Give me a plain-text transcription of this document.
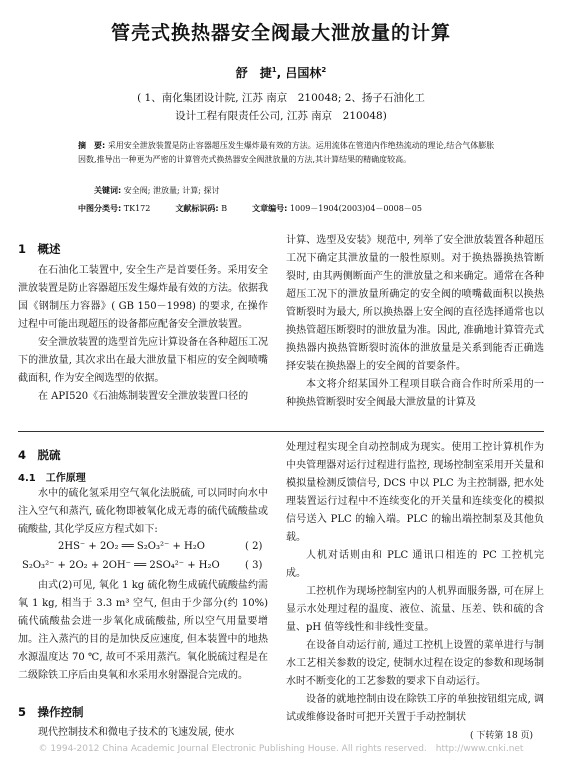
管壳式换热器安全阀最大泄放量的计算
舒　捷$^1$, 吕国林$^2$
( 1、南化集团设计院, 江苏 南京　210048; 2、扬子石油化工
设计工程有限责任公司, 江苏 南京　210048)
摘　要: 采用安全泄放装置是防止容器超压发生爆炸最有效的方法。运用流体在管道内作绝热流动的理论,结合气体膨胀因数,推导出一种更为严密的计算管壳式换热器安全阀泄放量的方法,其计算结果的精确度较高。
关键词: 安全阀; 泄放量; 计算; 探讨
中图分类号: TK172	文献标识码: B	文章编号: 1009－1904(2003)04－0008－05
1　概述

在石油化工装置中, 安全生产是首要任务。采用安全泄放装置是防止容器超压发生爆炸最有效的方法。依据我国《钢制压力容器》( GB 150－1998) 的要求, 在操作过程中可能出现超压的设备都应配备安全泄放装置。

安全泄放装置的选型首先应计算设备在各种超压工况下的泄放量, 其次求出在最大泄放量下相应的安全阀喷嘴截面积, 作为安全阀选型的依据。

在 API520《石油炼制装置安全泄放装置口径的

计算、选型及安装》规范中, 列举了安全泄放装置各种超压工况下确定其泄放量的一般性原则。对于换热器换热管断裂时, 由其两侧断面产生的泄放量之和来确定。通常在各种超压工况下的泄放量所确定的安全阀的喷嘴截面积以换热管断裂时为最大, 所以换热器上安全阀的直径选择通常也以换热管超压断裂时的泄放量为准。因此, 准确地计算管壳式换热器内换热管断裂时流体的泄放量是关系到能否正确选择安装在换热器上的安全阀的首要条件。

本文将介绍某国外工程项目联合商合作时所采用的一种换热管断裂时安全阀最大泄放量的计算及

4　脱硫
4.1　工作原理

水中的硫化氢采用空气氧化法脱硫, 可以同时向水中注入空气和蒸汽, 硫化物即被氧化成无毒的硫代硫酸盐或硫酸盐, 其化学反应方程式如下:

2HS⁻ + 2O₂ ══ S₂O₃²⁻ + H₂O	( 2)
S₂O₃²⁻ + 2O₂ + 2OH⁻ ══ 2SO₄²⁻ + H₂O	( 3)

由式(2)可见, 氧化 1 kg 硫化物生成硫代硫酸盐约需氧 1 kg, 相当于 3.3 m³ 空气, 但由于少部分(约 10%) 硫代硫酸盐会进一步氧化成硫酸盐, 所以空气用量要增加。注入蒸汽的目的是加快反应速度, 但本装置中的地热水源温度达 70 ℃, 故可不采用蒸汽。氧化脱硫过程是在二级除铁工序后由臭氧和水采用水射器混合完成的。

5　操作控制

现代控制技术和微电子技术的飞速发展, 使水

处理过程实现全自动控制成为现实。使用工控计算机作为中央管理器对运行过程进行监控, 现场控制室采用开关量和模拟量检测反馈信号, DCS 中以 PLC 为主控制器, 把水处理装置运行过程中不连续变化的开关量和连续变化的模拟信号送入 PLC 的输入端。PLC 的输出端控制泵及其他负载。

人机对话则由和 PLC 通讯口相连的 PC 工控机完成。

工控机作为现场控制室内的人机界面服务器, 可在屏上显示水处理过程的温度、液位、流量、压差、铁和硫的含量、pH 值等线性和非线性变量。

在设备自动运行前, 通过工控机上设置的菜单进行与制水工艺相关参数的设定, 使制水过程在设定的参数和现场制水时不断变化的工艺参数的要求下自动运行。

设备的就地控制由设在除铁工序的单独按钮组完成, 调试或维修设备时可把开关置于手动控制状

( 下转第 18 页)
© 1994-2012 China Academic Journal Electronic Publishing House. All rights reserved.　http://www.cnki.net
